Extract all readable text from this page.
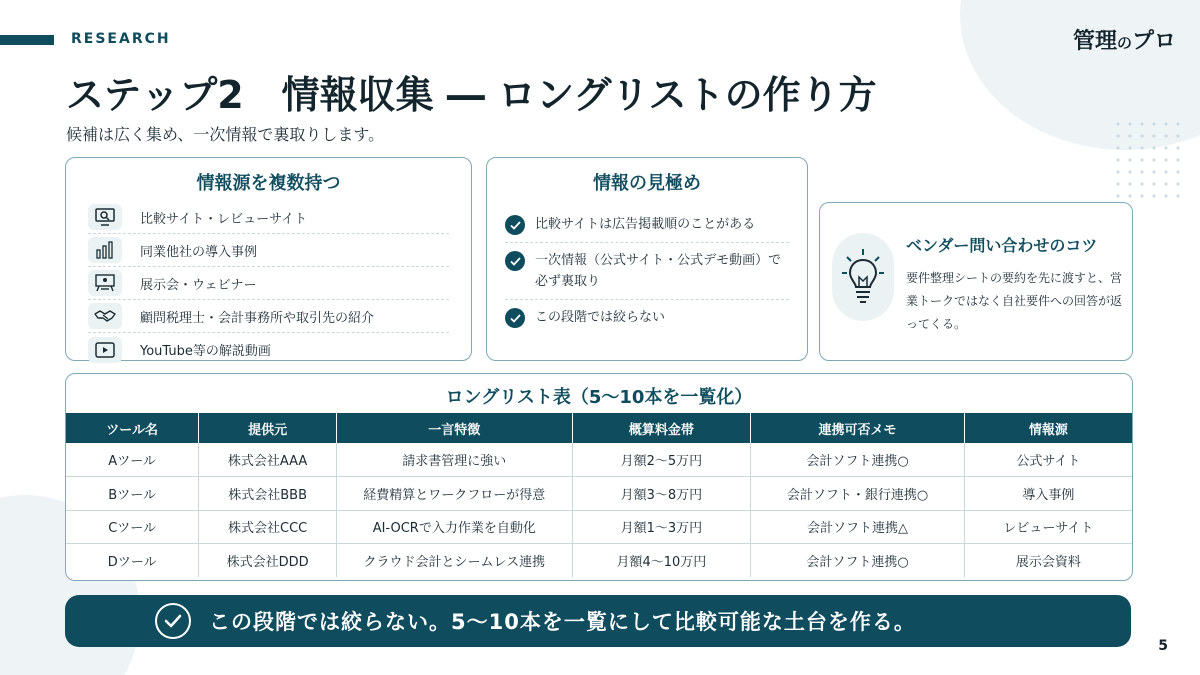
RESEARCH	管理のプロ
ステップ2　情報収集 ― ロングリストの作り方
候補は広く集め、一次情報で裏取りします。
情報源を複数持つ
比較サイト・レビューサイト
同業他社の導入事例
展示会・ウェビナー
顧問税理士・会計事務所や取引先の紹介
YouTube等の解説動画
情報の見極め
比較サイトは広告掲載順のことがある
一次情報（公式サイト・公式デモ動画）で必ず裏取り
この段階では絞らない
ベンダー問い合わせのコツ
要件整理シートの要約を先に渡すと、営業トークではなく自社要件への回答が返ってくる。
ロングリスト表（5〜10本を一覧化）
ツール名	提供元	一言特徴	概算料金帯	連携可否メモ	情報源
Aツール	株式会社AAA	請求書管理に強い	月額2〜5万円	会計ソフト連携○	公式サイト
Bツール	株式会社BBB	経費精算とワークフローが得意	月額3〜8万円	会計ソフト・銀行連携○	導入事例
Cツール	株式会社CCC	AI-OCRで入力作業を自動化	月額1〜3万円	会計ソフト連携△	レビューサイト
Dツール	株式会社DDD	クラウド会計とシームレス連携	月額4〜10万円	会計ソフト連携○	展示会資料
この段階では絞らない。5〜10本を一覧にして比較可能な土台を作る。
5
